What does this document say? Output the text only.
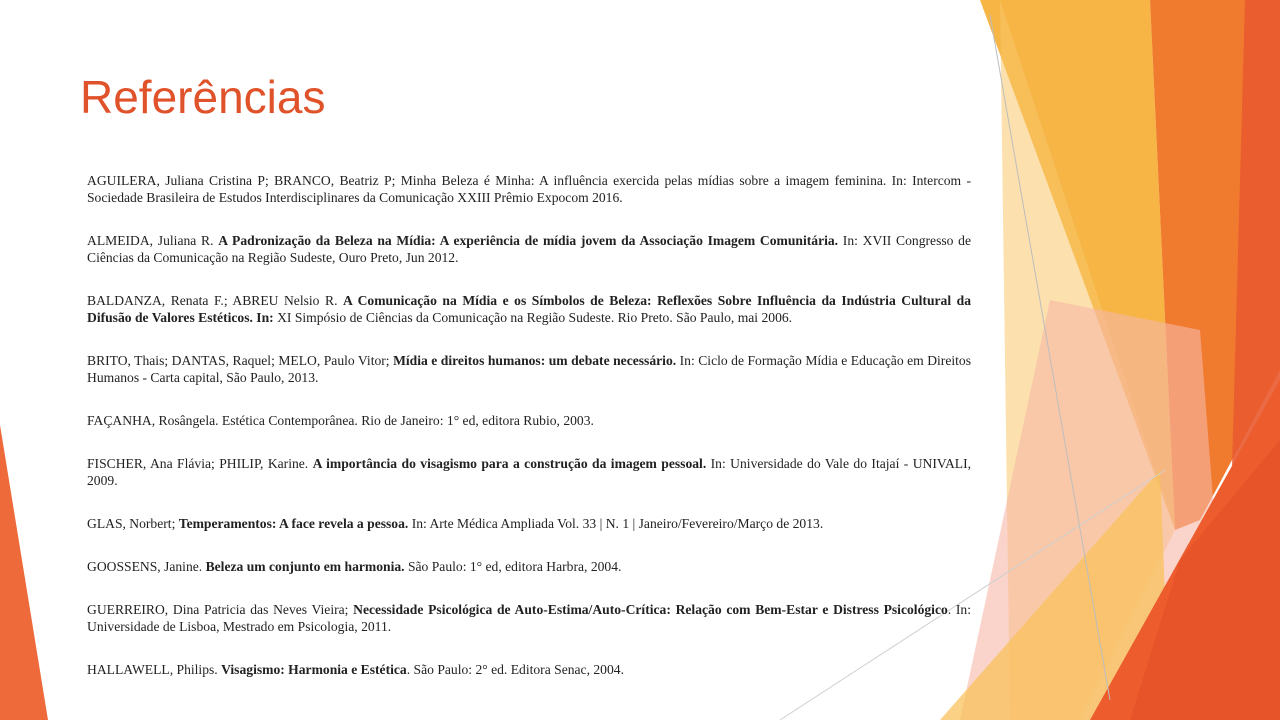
Referências

AGUILERA, Juliana Cristina P; BRANCO, Beatriz P; Minha Beleza é Minha: A influência exercida pelas mídias sobre a imagem feminina. In: Intercom - Sociedade Brasileira de Estudos Interdisciplinares da Comunicação XXIII Prêmio Expocom 2016.

ALMEIDA, Juliana R. A Padronização da Beleza na Mídia: A experiência de mídia jovem da Associação Imagem Comunitária. In: XVII Congresso de Ciências da Comunicação na Região Sudeste, Ouro Preto, Jun 2012.

BALDANZA, Renata F.; ABREU Nelsio R. A Comunicação na Mídia e os Símbolos de Beleza: Reflexões Sobre Influência da Indústria Cultural da Difusão de Valores Estéticos. In: XI Simpósio de Ciências da Comunicação na Região Sudeste. Rio Preto. São Paulo, mai 2006.

BRITO, Thais; DANTAS, Raquel; MELO, Paulo Vitor; Mídia e direitos humanos: um debate necessário. In: Ciclo de Formação Mídia e Educação em Direitos Humanos - Carta capital, São Paulo, 2013.

FAÇANHA, Rosângela. Estética Contemporânea. Rio de Janeiro: 1° ed, editora Rubio, 2003.

FISCHER, Ana Flávia; PHILIP, Karine. A importância do visagismo para a construção da imagem pessoal. In: Universidade do Vale do Itajaí - UNIVALI, 2009.

GLAS, Norbert; Temperamentos: A face revela a pessoa. In: Arte Médica Ampliada Vol. 33 | N. 1 | Janeiro/Fevereiro/Março de 2013.

GOOSSENS, Janine. Beleza um conjunto em harmonia. São Paulo: 1° ed, editora Harbra, 2004.

GUERREIRO, Dina Patricia das Neves Vieira; Necessidade Psicológica de Auto-Estima/Auto-Crítica: Relação com Bem-Estar e Distress Psicológico. In: Universidade de Lisboa, Mestrado em Psicologia, 2011.

HALLAWELL, Philips. Visagismo: Harmonia e Estética. São Paulo: 2° ed. Editora Senac, 2004.
